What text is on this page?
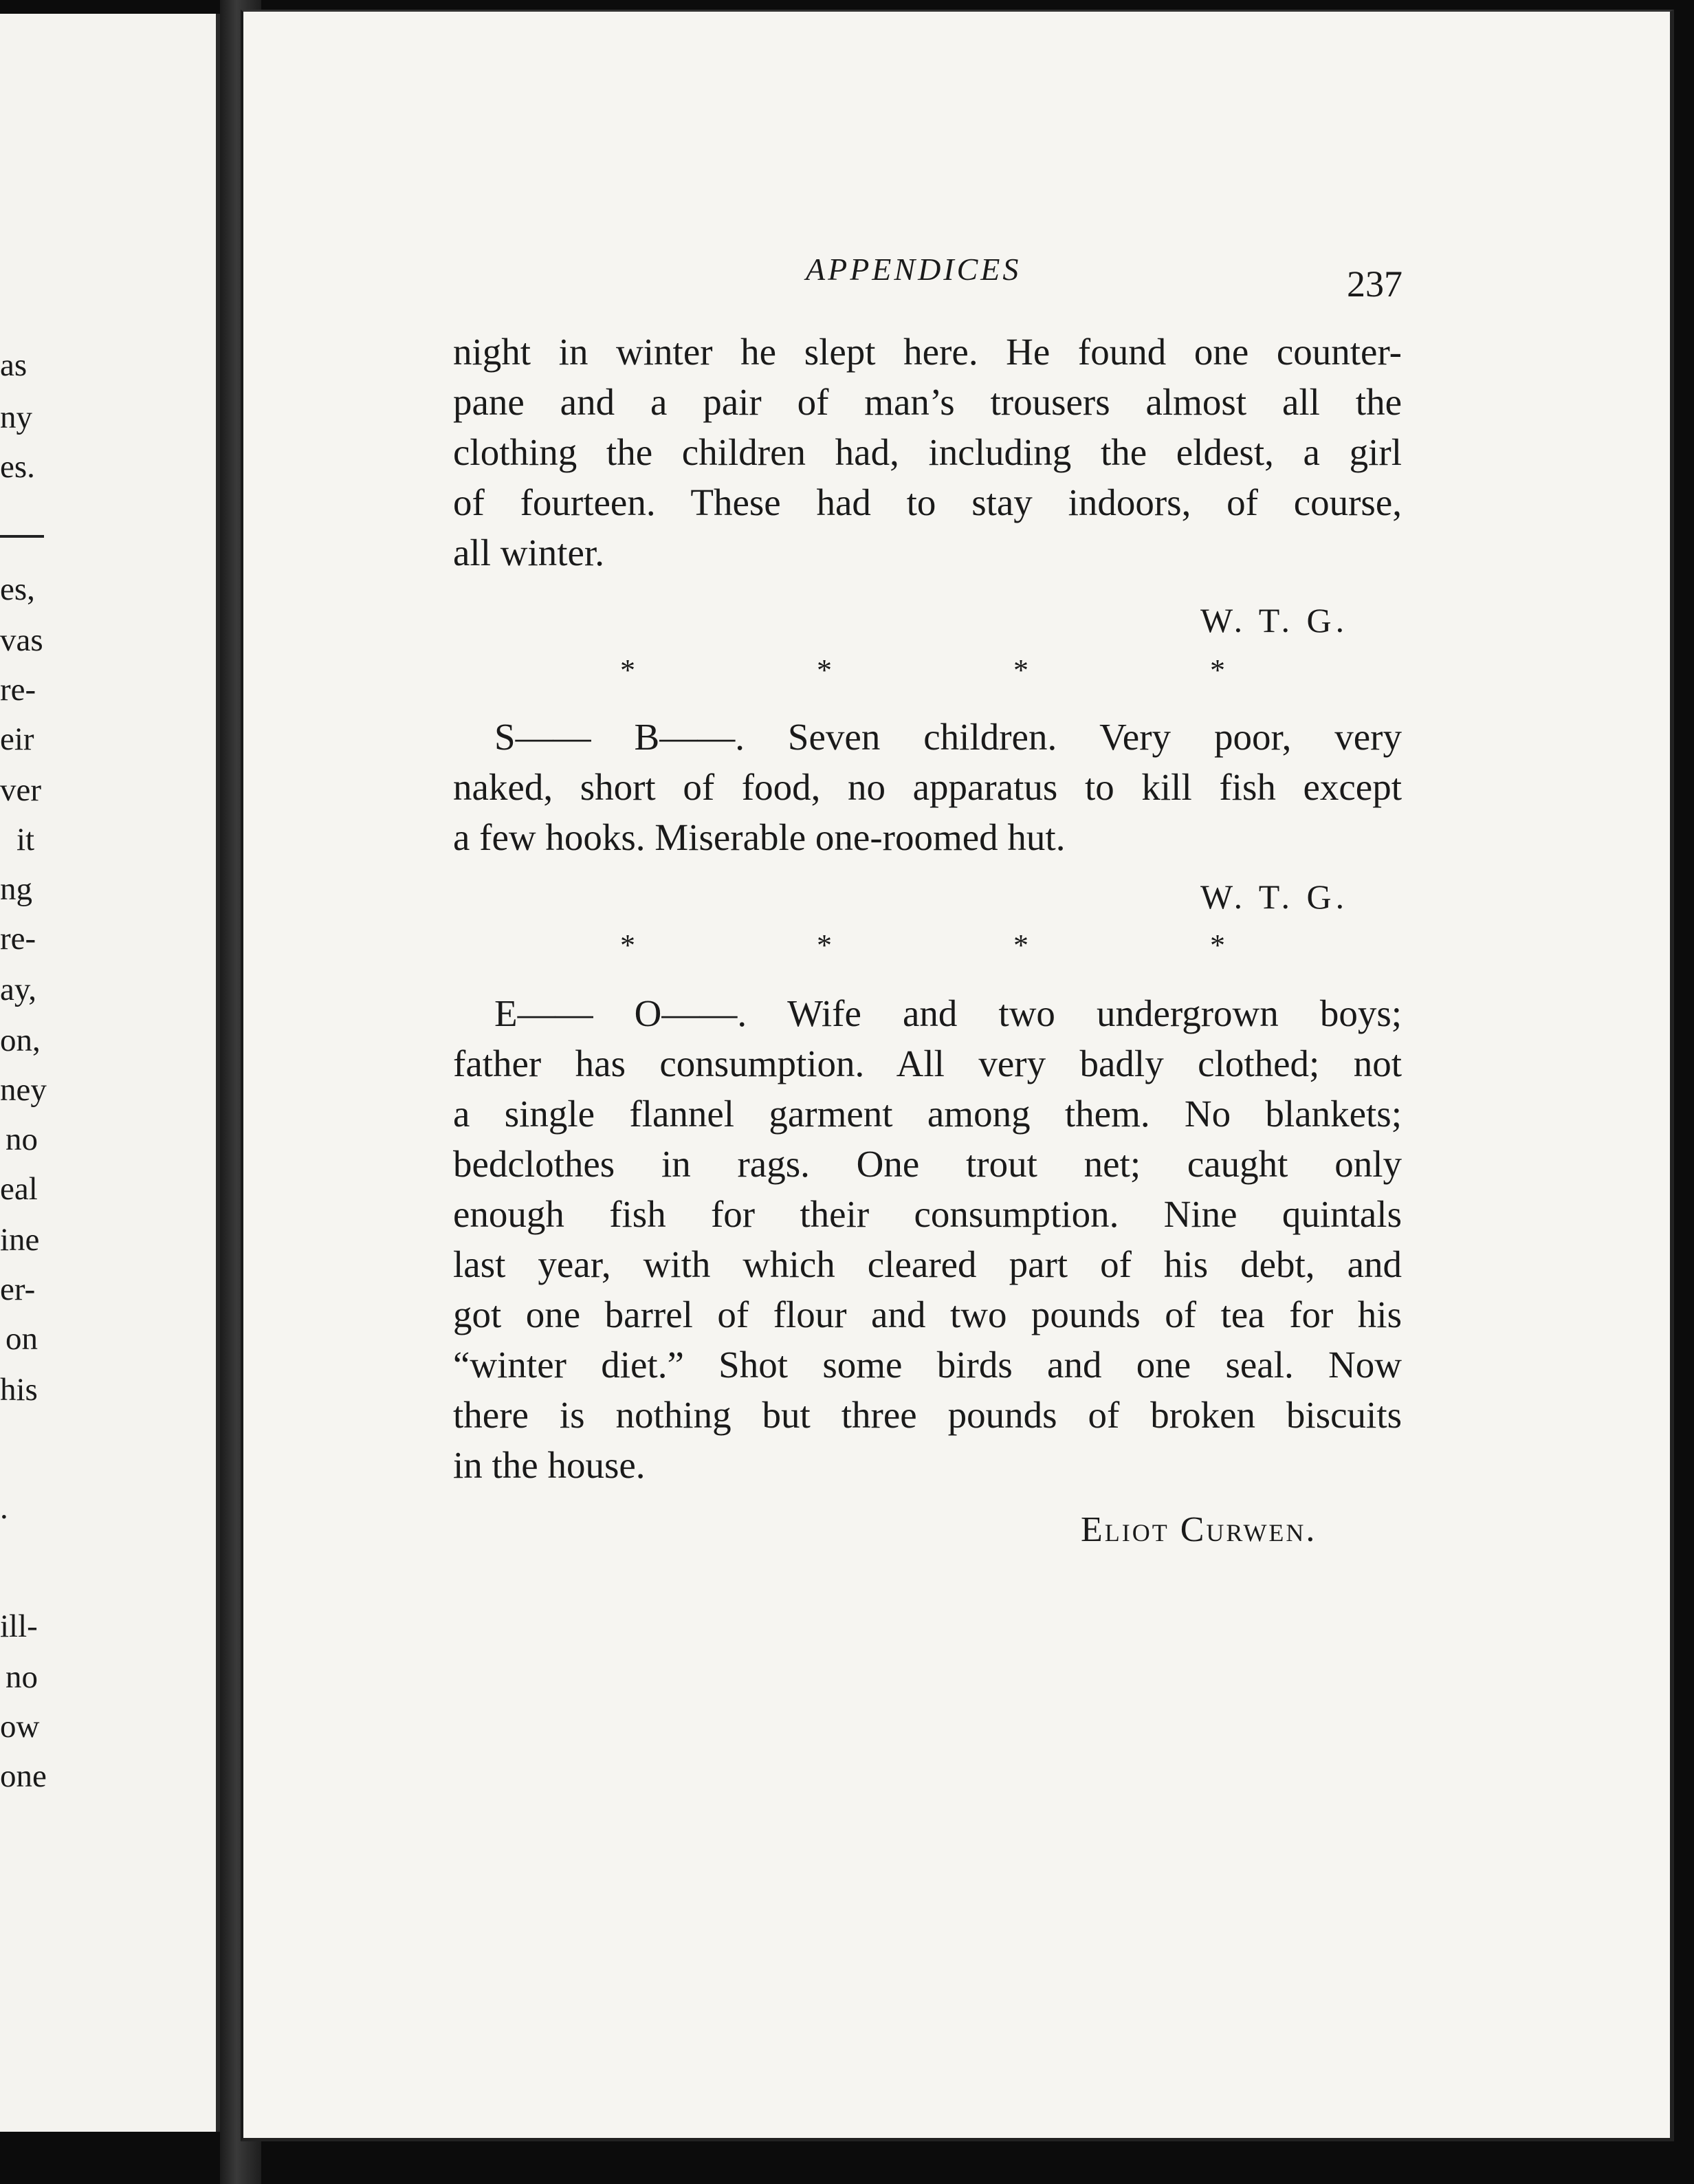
as
ny
es.
es,
vas
re-
eir
ver
it
ng
re-
ay,
on,
ney
no
eal
ine
er-
on
his
.
ill-
no
ow
one
APPENDICES	237
night in winter he slept here. He found one counter-
pane and a pair of man’s trousers almost all the
clothing the children had, including the eldest, a girl
of fourteen. These had to stay indoors, of course,
all winter.
W. T. G.
*	*	*	*
S—— B——. Seven children. Very poor, very
naked, short of food, no apparatus to kill fish except
a few hooks. Miserable one-roomed hut.
W. T. G.
*	*	*	*
E—— O——. Wife and two undergrown boys;
father has consumption. All very badly clothed; not
a single flannel garment among them. No blankets;
bedclothes in rags. One trout net; caught only
enough fish for their consumption. Nine quintals
last year, with which cleared part of his debt, and
got one barrel of flour and two pounds of tea for his
“winter diet.” Shot some birds and one seal. Now
there is nothing but three pounds of broken biscuits
in the house.
Eliot Curwen.
